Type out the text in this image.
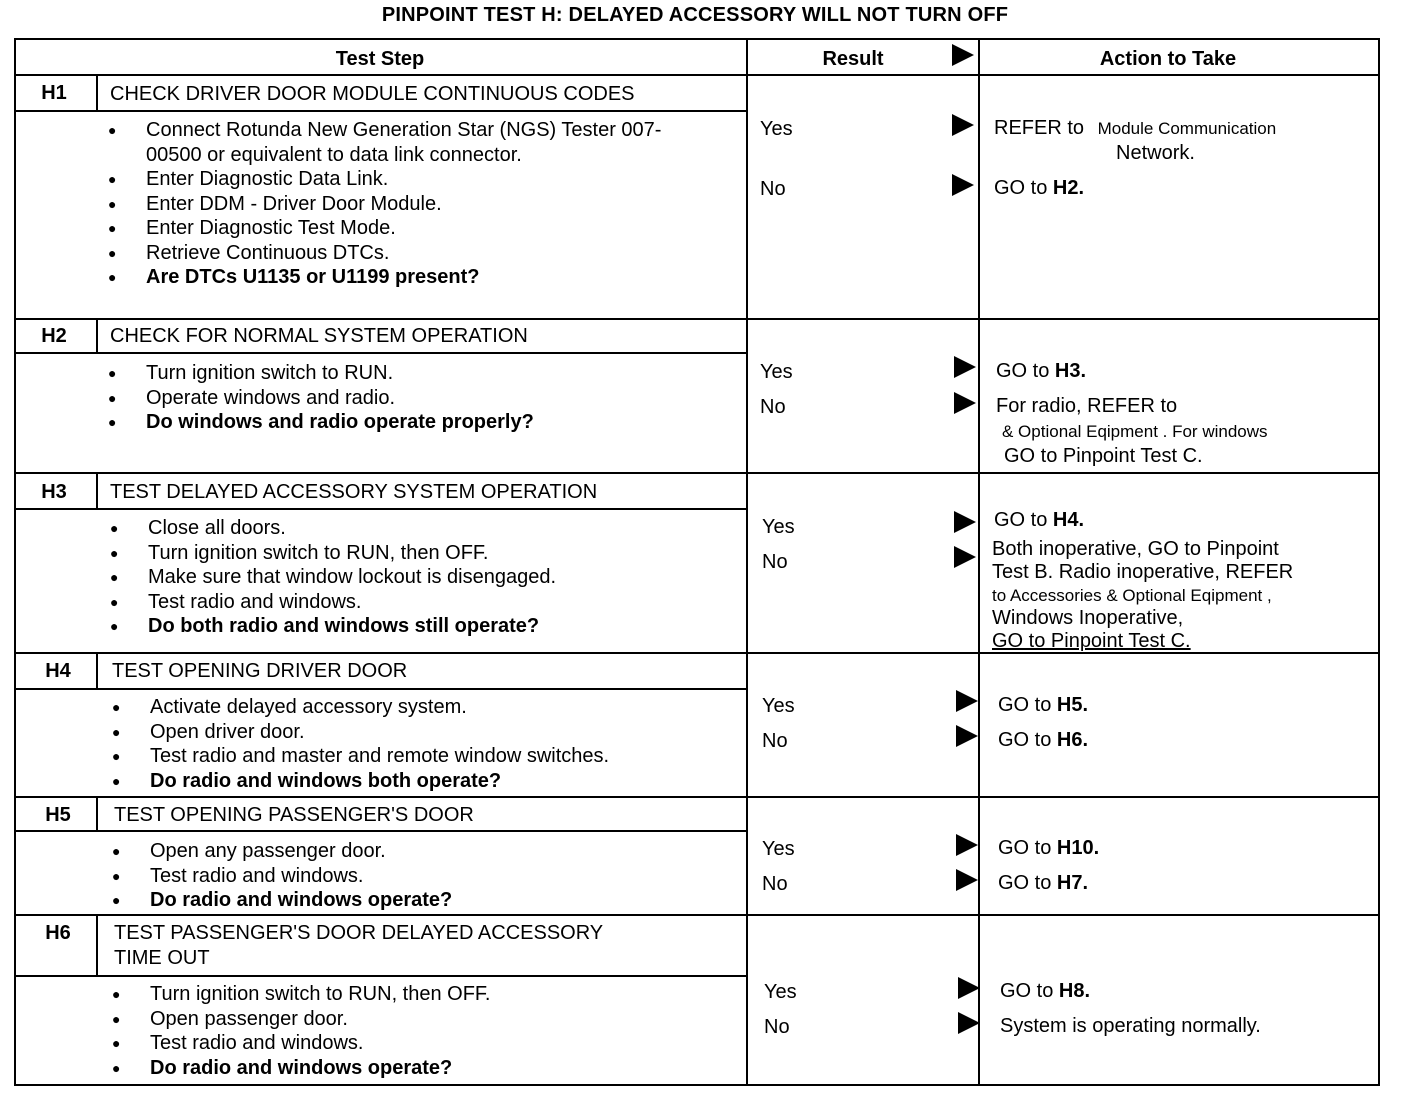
PINPOINT TEST H: DELAYED ACCESSORY WILL NOT TURN OFF
Test Step	Result	Action to Take
H1	CHECK DRIVER DOOR MODULE CONTINUOUS CODES
● Connect Rotunda New Generation Star (NGS) Tester 007-00500 or equivalent to data link connector.
● Enter Diagnostic Data Link.
● Enter DDM - Driver Door Module.
● Enter Diagnostic Test Mode.
● Retrieve Continuous DTCs.
● Are DTCs U1135 or U1199 present?
Yes	REFER to Module Communication
Network.
No	GO to H2.
H2	CHECK FOR NORMAL SYSTEM OPERATION
● Turn ignition switch to RUN.
● Operate windows and radio.
● Do windows and radio operate properly?
Yes	GO to H3.
No	For radio, REFER to
& Optional Eqipment . For windows
GO to Pinpoint Test C.
H3	TEST DELAYED ACCESSORY SYSTEM OPERATION
● Close all doors.
● Turn ignition switch to RUN, then OFF.
● Make sure that window lockout is disengaged.
● Test radio and windows.
● Do both radio and windows still operate?
Yes	GO to H4.
No
Both inoperative, GO to Pinpoint
Test B. Radio inoperative, REFER
to Accessories & Optional Eqipment ,
Windows Inoperative,
GO to Pinpoint Test C.
H4	TEST OPENING DRIVER DOOR
● Activate delayed accessory system.
● Open driver door.
● Test radio and master and remote window switches.
● Do radio and windows both operate?
Yes	GO to H5.
No	GO to H6.
H5	TEST OPENING PASSENGER'S DOOR
● Open any passenger door.
● Test radio and windows.
● Do radio and windows operate?
Yes	GO to H10.
No	GO to H7.
H6	TEST PASSENGER'S DOOR DELAYED ACCESSORY
TIME OUT
● Turn ignition switch to RUN, then OFF.
● Open passenger door.
● Test radio and windows.
● Do radio and windows operate?
Yes	GO to H8.
No	System is operating normally.
